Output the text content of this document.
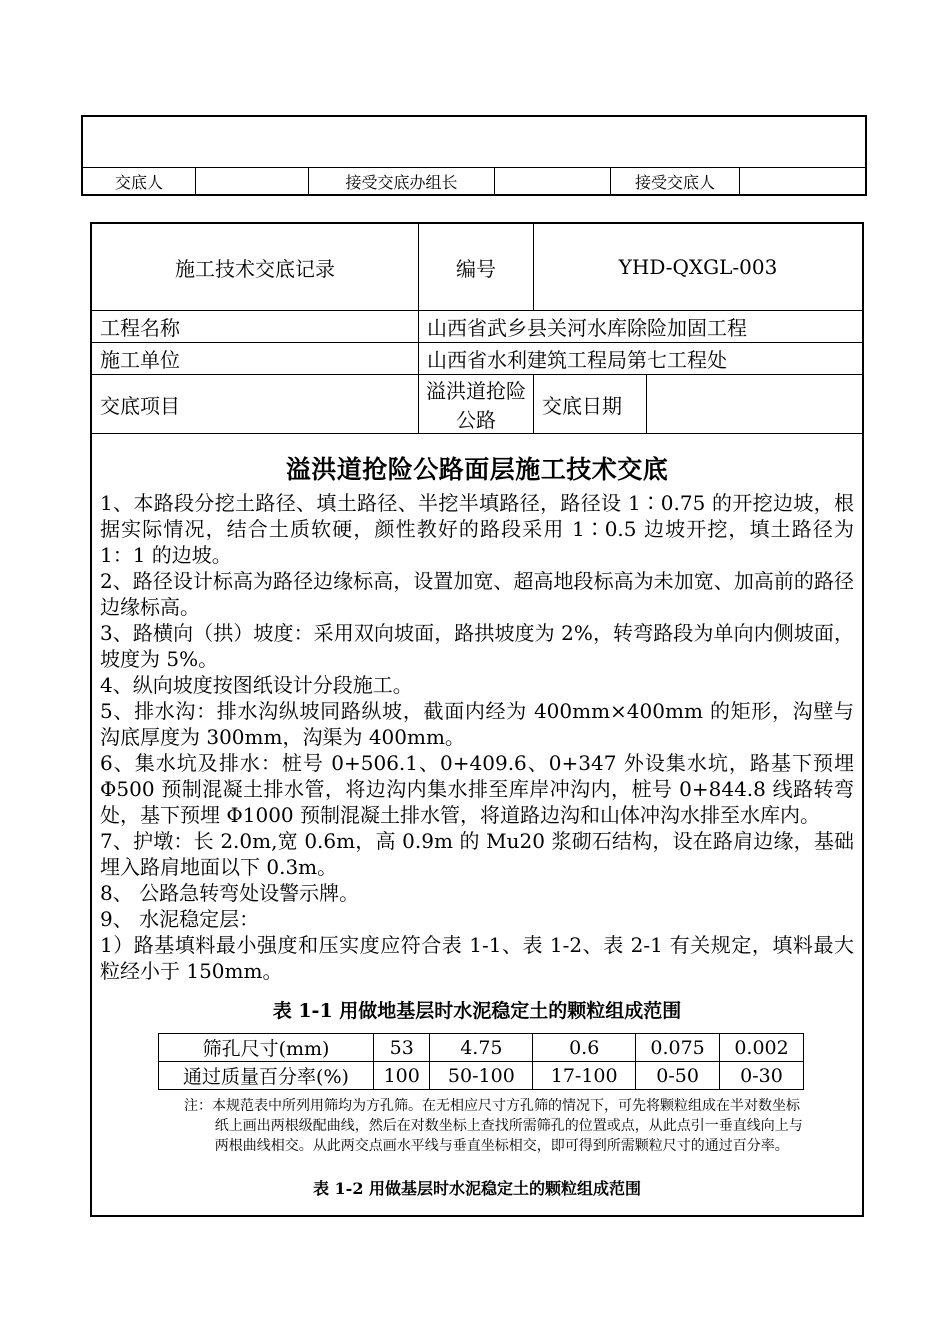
交底人		接受交底办组长		接受交底人	
施工技术交底记录	编号	YHD-QXGL-003	
工程名称	山西省武乡县关河水库除险加固工程		
施工单位	山西省水利建筑工程局第七工程处		
交底项目	溢洪道抢险公路	交底日期	
溢洪道抢险公路面层施工技术交底

1、本路段分挖土路径、填土路径、半挖半填路径，路径设 1∶0.75 的开挖边坡，根据实际情况，结合土质软硬，颜性教好的路段采用 1∶0.5 边坡开挖，填土路径为 1：1 的边坡。

2、路径设计标高为路径边缘标高，设置加宽、超高地段标高为未加宽、加高前的路径边缘标高。

3、路横向（拱）坡度：采用双向坡面，路拱坡度为 2%，转弯路段为单向内侧坡面，坡度为 5%。

4、纵向坡度按图纸设计分段施工。

5、排水沟：排水沟纵坡同路纵坡，截面内经为 400mm×400mm 的矩形，沟壁与沟底厚度为 300mm，沟渠为 400mm。

6、集水坑及排水：桩号 0+506.1、0+409.6、0+347 外设集水坑，路基下预埋 Φ500 预制混凝土排水管，将边沟内集水排至库岸冲沟内，桩号 0+844.8 线路转弯处，基下预埋 Φ1000 预制混凝土排水管，将道路边沟和山体冲沟水排至水库内。

7、护墩：长 2.0m,宽 0.6m，高 0.9m 的 Mu20 浆砌石结构，设在路肩边缘，基础埋入路肩地面以下 0.3m。

8、 公路急转弯处设警示牌。

9、 水泥稳定层：

1）路基填料最小强度和压实度应符合表 1-1、表 1-2、表 2-1 有关规定，填料最大粒经小于 150mm。

表 1-1 用做地基层时水泥稳定土的颗粒组成范围
筛孔尺寸(mm)	53	4.75	0.6	0.075	0.002
通过质量百分率(%)	100	50-100	17-100	0-50	0-30
注：本规范表中所列用筛均为方孔筛。在无相应尺寸方孔筛的情况下，可先将颗粒组成在半对数坐标纸上画出两根级配曲线，然后在对数坐标上查找所需筛孔的位置或点，从此点引一垂直线向上与两根曲线相交。从此两交点画水平线与垂直坐标相交，即可得到所需颗粒尺寸的通过百分率。
表 1-2 用做基层时水泥稳定土的颗粒组成范围
